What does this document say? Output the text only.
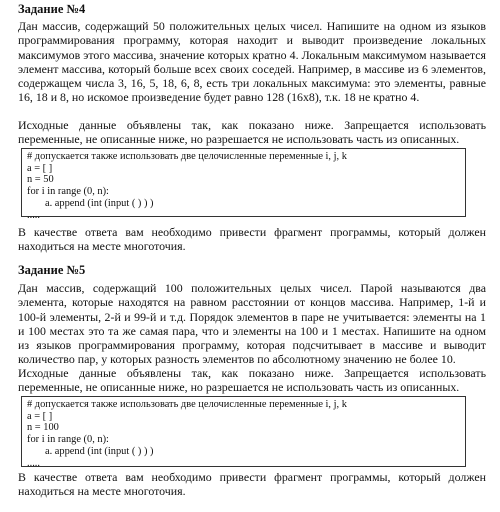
Задание №4

Дан массив, содержащий 50 положительных целых чисел. Напишите на одном из языков программирования программу, которая находит и выводит произведение локальных максимумов этого массива, значение которых кратно 4. Локальным максимумом называется элемент массива, который больше всех своих соседей. Например, в массиве из 6 элементов, содержащем числа 3, 16, 5, 18, 6, 8, есть три локальных максимума: это элементы, равные 16, 18 и 8, но искомое произведение будет равно 128 (16x8), т.к. 18 не кратно 4.

Исходные данные объявлены так, как показано ниже. Запрещается использовать переменные, не описанные ниже, но разрешается не использовать часть из описанных.

# допускается также использовать две целочисленные переменные i, j, k
a = [ ]
n = 50
for i in range (0, n):
a. append (int (input ( ) ) )
.....

В качестве ответа вам необходимо привести фрагмент программы, который должен находиться на месте многоточия.

Задание №5

Дан массив, содержащий 100 положительных целых чисел. Парой называются два элемента, которые находятся на равном расстоянии от концов массива. Например, 1-й и 100-й элементы, 2-й и 99-й и т.д. Порядок элементов в паре не учитывается: элементы на 1 и 100 местах это та же самая пара, что и элементы на 100 и 1 местах. Напишите на одном из языков программирования программу, которая подсчитывает в массиве и выводит количество пар, у которых разность элементов по абсолютному значению не более 10.

Исходные данные объявлены так, как показано ниже. Запрещается использовать переменные, не описанные ниже, но разрешается не использовать часть из описанных.

# допускается также использовать две целочисленные переменные i, j, k
a = [ ]
n = 100
for i in range (0, n):
a. append (int (input ( ) ) )
.....

В качестве ответа вам необходимо привести фрагмент программы, который должен находиться на месте многоточия.
